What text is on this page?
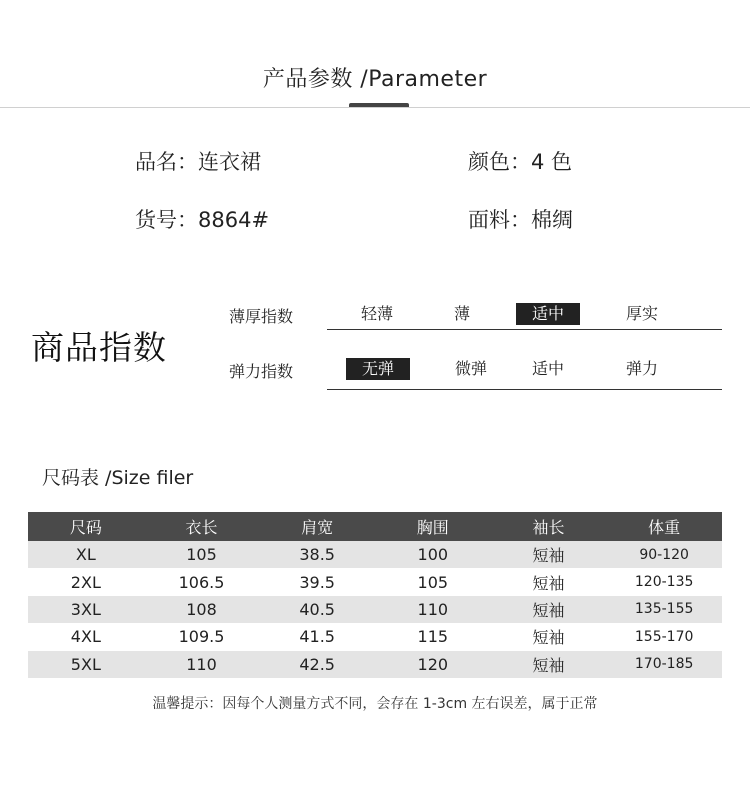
产品参数 /Parameter
品名：连衣裙	颜色：4 色
货号：8864#	面料：棉绸
商品指数
薄厚指数	轻薄	薄	适中	厚实
弹力指数	无弹	微弹	适中	弹力
尺码表 /Size filer
尺码	衣长	肩宽	胸围	袖长	体重
XL	105	38.5	100	短袖	90-120
2XL	106.5	39.5	105	短袖	120-135
3XL	108	40.5	110	短袖	135-155
4XL	109.5	41.5	115	短袖	155-170
5XL	110	42.5	120	短袖	170-185
温馨提示：因每个人测量方式不同，会存在 1-3cm 左右误差，属于正常
